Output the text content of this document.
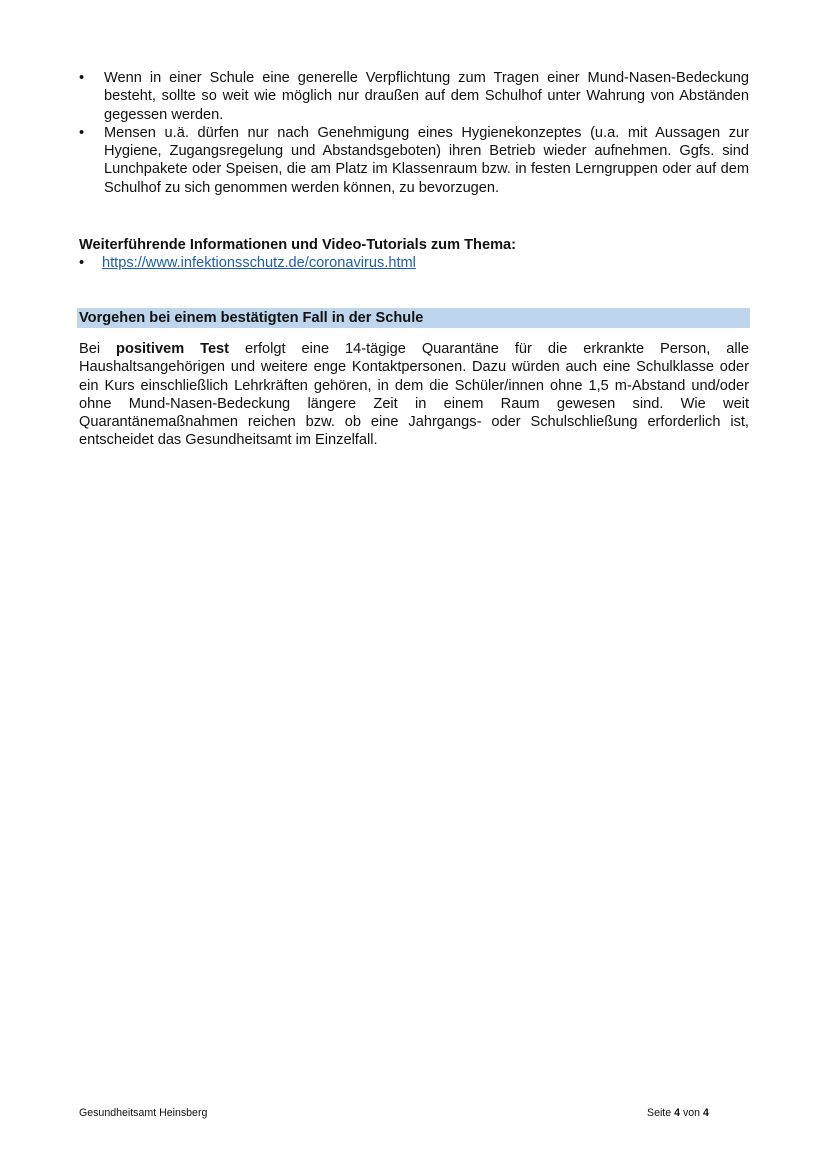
•	Wenn in einer Schule eine generelle Verpflichtung zum Tragen einer Mund-Nasen-Bedeckung besteht, sollte so weit wie möglich nur draußen auf dem Schulhof unter Wahrung von Abständen gegessen werden.
•	Mensen u.ä. dürfen nur nach Genehmigung eines Hygienekonzeptes (u.a. mit Aussagen zur Hygiene, Zugangsregelung und Abstandsgeboten) ihren Betrieb wieder aufnehmen. Ggfs. sind Lunchpakete oder Speisen, die am Platz im Klassenraum bzw. in festen Lerngruppen oder auf dem Schulhof zu sich genommen werden können, zu bevorzugen.

Weiterführende Informationen und Video-Tutorials zum Thema:

• https://www.infektionsschutz.de/coronavirus.html

Vorgehen bei einem bestätigten Fall in der Schule

Bei positivem Test erfolgt eine 14-tägige Quarantäne für die erkrankte Person, alle Haushaltsangehörigen und weitere enge Kontaktpersonen. Dazu würden auch eine Schulklasse oder ein Kurs einschließlich Lehrkräften gehören, in dem die Schüler/innen ohne 1,5 m-Abstand und/oder ohne Mund-Nasen-Bedeckung längere Zeit in einem Raum gewesen sind. Wie weit Quarantänemaßnahmen reichen bzw. ob eine Jahrgangs- oder Schulschließung erforderlich ist, entscheidet das Gesundheitsamt im Einzelfall.

Gesundheitsamt Heinsberg	Seite 4 von 4
